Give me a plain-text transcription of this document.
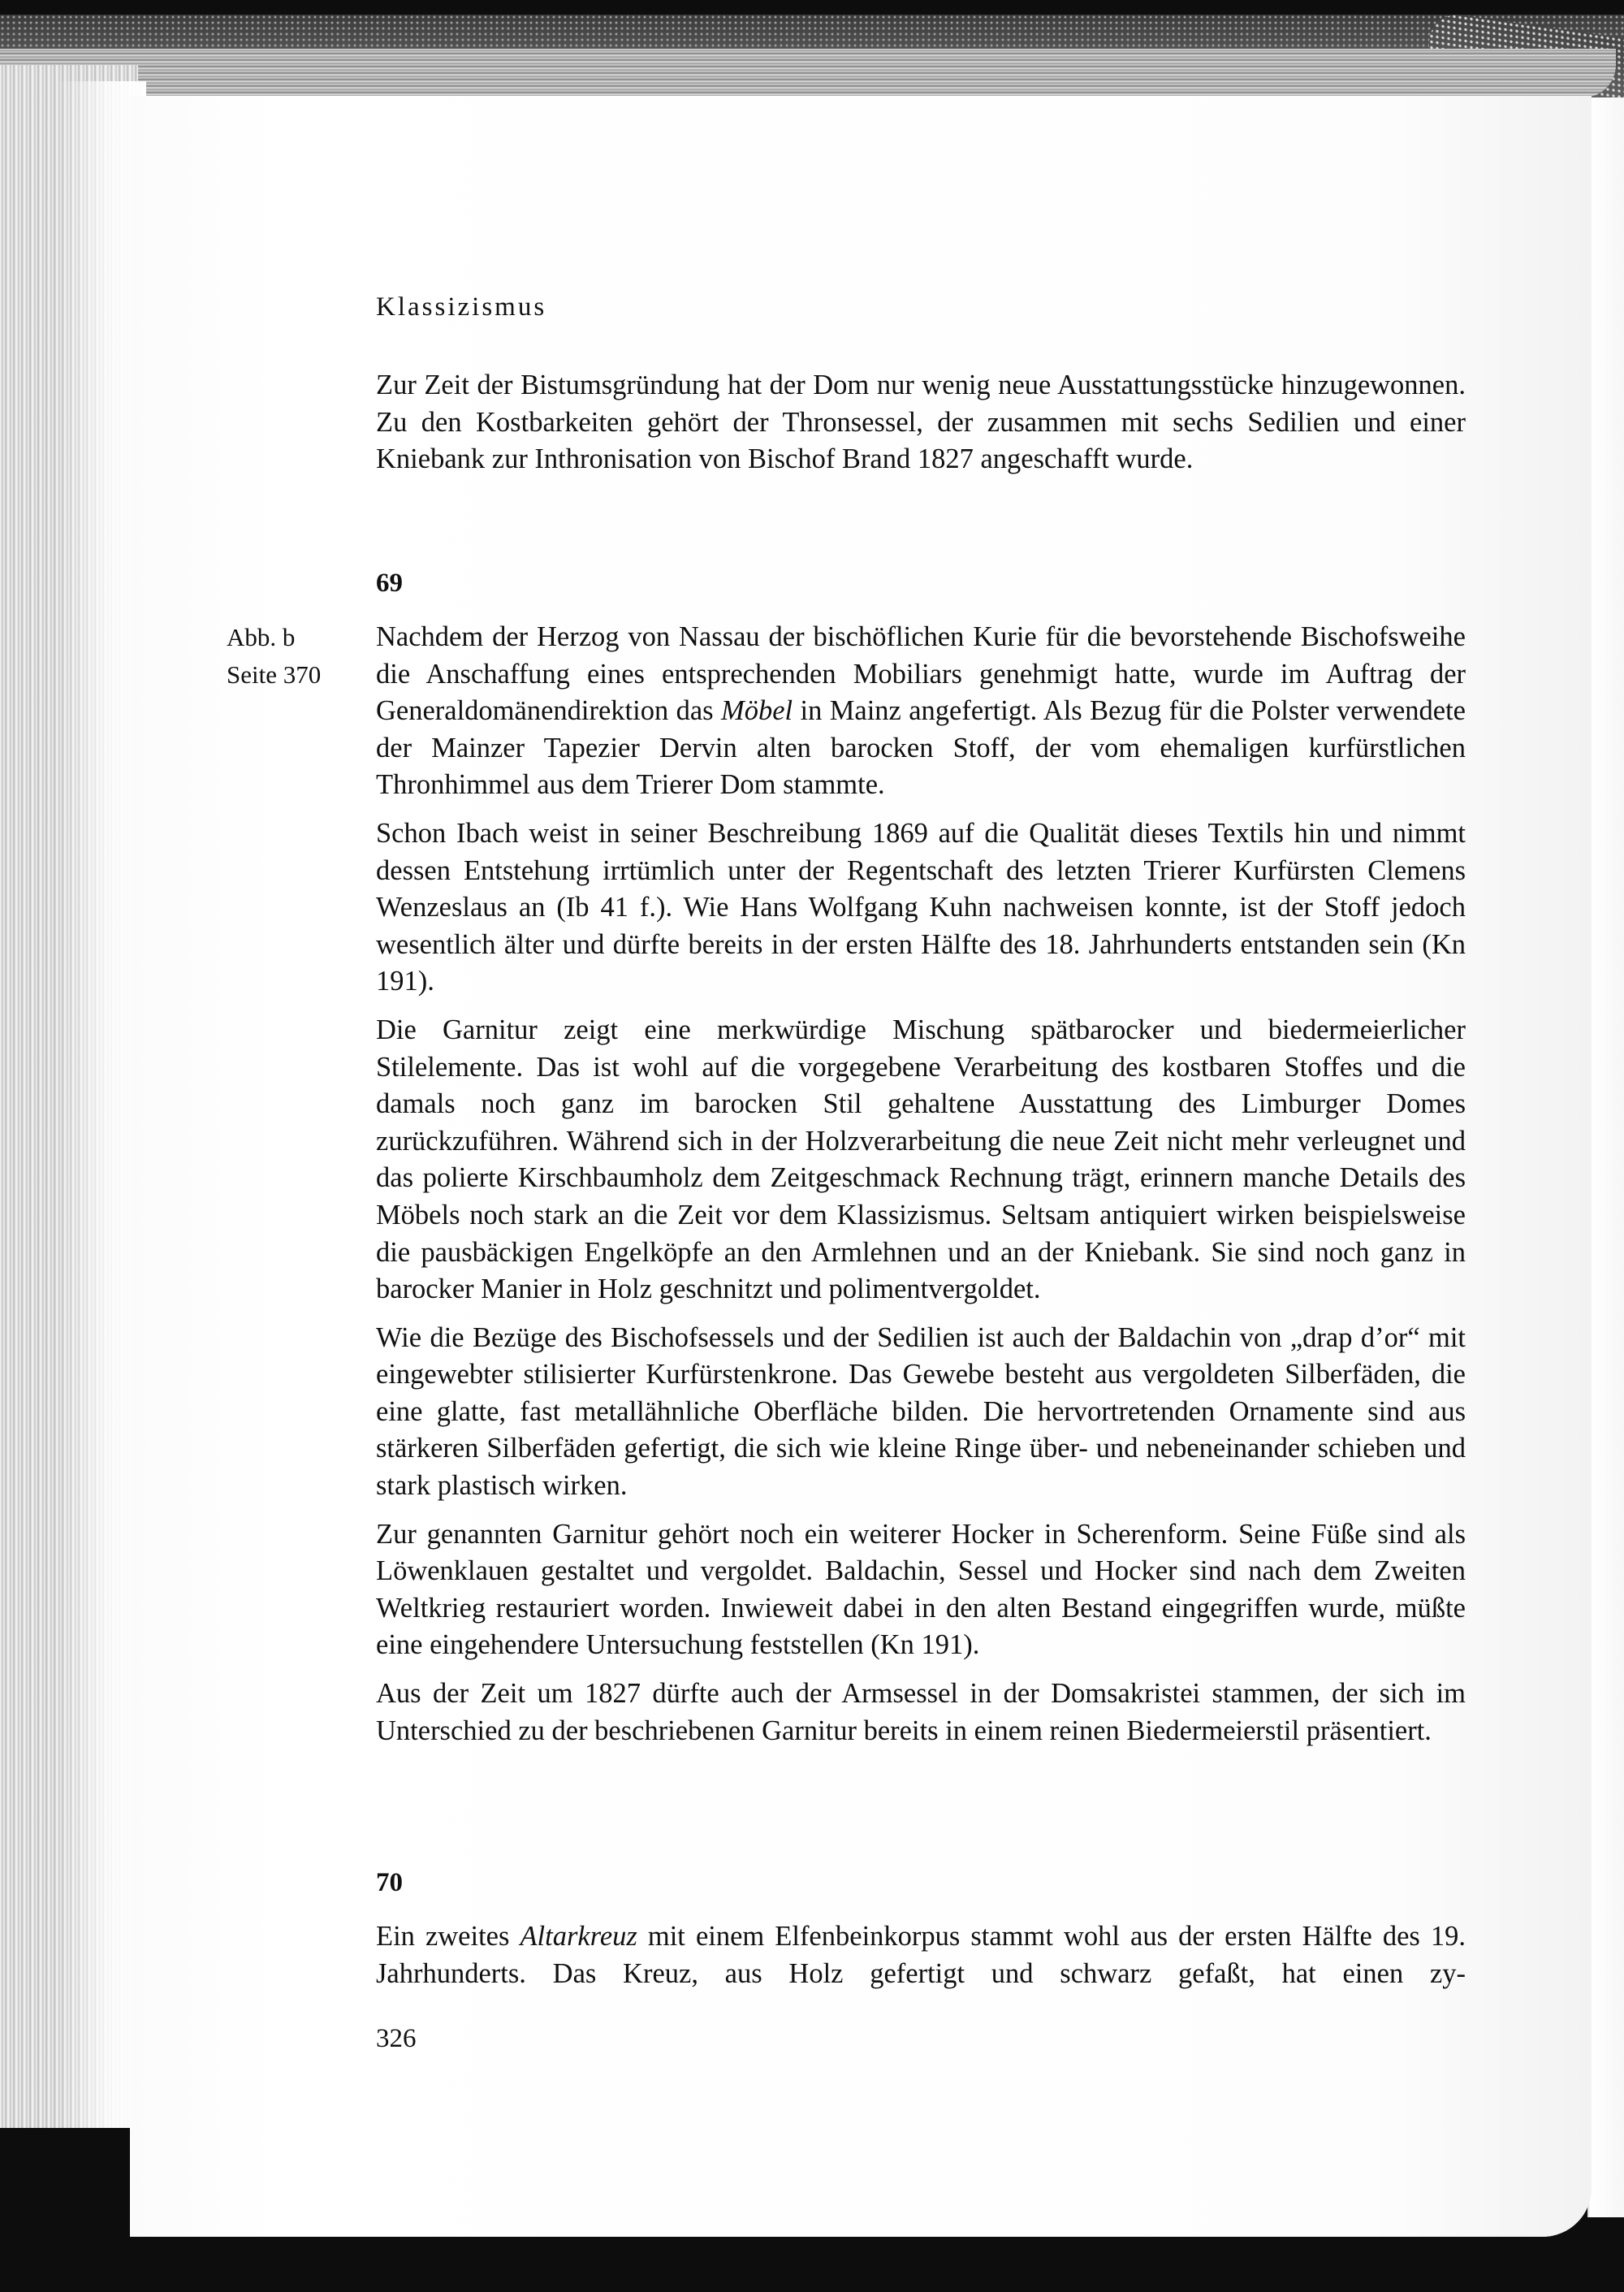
Klassizismus

Zur Zeit der Bistumsgründung hat der Dom nur wenig neue Ausstattungsstücke hinzugewonnen. Zu den Kostbarkeiten gehört der Thronsessel, der zusammen mit sechs Sedilien und einer Kniebank zur Inthronisation von Bischof Brand 1827 angeschafft wurde.

69
Abb. b
Seite 370

Nachdem der Herzog von Nassau der bischöflichen Kurie für die bevorstehende Bischofsweihe die Anschaffung eines entsprechenden Mobiliars genehmigt hatte, wurde im Auftrag der Generaldomänendirektion das Möbel in Mainz angefertigt. Als Bezug für die Polster verwendete der Mainzer Tapezier Dervin alten barocken Stoff, der vom ehemaligen kurfürstlichen Thronhimmel aus dem Trierer Dom stammte.

Schon Ibach weist in seiner Beschreibung 1869 auf die Qualität dieses Textils hin und nimmt dessen Entstehung irrtümlich unter der Regentschaft des letzten Trierer Kurfürsten Clemens Wenzeslaus an (Ib 41 f.). Wie Hans Wolfgang Kuhn nachweisen konnte, ist der Stoff jedoch wesentlich älter und dürfte bereits in der ersten Hälfte des 18. Jahrhunderts entstanden sein (Kn 191).

Die Garnitur zeigt eine merkwürdige Mischung spätbarocker und biedermeierlicher Stilelemente. Das ist wohl auf die vorgegebene Verarbeitung des kostbaren Stoffes und die damals noch ganz im barocken Stil gehaltene Ausstattung des Limburger Domes zurückzuführen. Während sich in der Holzverarbeitung die neue Zeit nicht mehr verleugnet und das polierte Kirschbaumholz dem Zeitgeschmack Rechnung trägt, erinnern manche Details des Möbels noch stark an die Zeit vor dem Klassizismus. Seltsam antiquiert wirken beispielsweise die pausbäckigen Engelköpfe an den Armlehnen und an der Kniebank. Sie sind noch ganz in barocker Manier in Holz geschnitzt und polimentvergoldet.

Wie die Bezüge des Bischofsessels und der Sedilien ist auch der Baldachin von „drap d’or“ mit eingewebter stilisierter Kurfürstenkrone. Das Gewebe besteht aus vergoldeten Silberfäden, die eine glatte, fast metallähnliche Oberfläche bilden. Die hervortretenden Ornamente sind aus stärkeren Silberfäden gefertigt, die sich wie kleine Ringe über- und nebeneinander schieben und stark plastisch wirken.

Zur genannten Garnitur gehört noch ein weiterer Hocker in Scherenform. Seine Füße sind als Löwenklauen gestaltet und vergoldet. Baldachin, Sessel und Hocker sind nach dem Zweiten Weltkrieg restauriert worden. Inwieweit dabei in den alten Bestand eingegriffen wurde, müßte eine eingehendere Untersuchung feststellen (Kn 191).

Aus der Zeit um 1827 dürfte auch der Armsessel in der Domsakristei stammen, der sich im Unterschied zu der beschriebenen Garnitur bereits in einem reinen Biedermeierstil präsentiert.

70

Ein zweites Altarkreuz mit einem Elfenbeinkorpus stammt wohl aus der ersten Hälfte des 19. Jahrhunderts. Das Kreuz, aus Holz gefertigt und schwarz gefaßt, hat einen zy-

326
